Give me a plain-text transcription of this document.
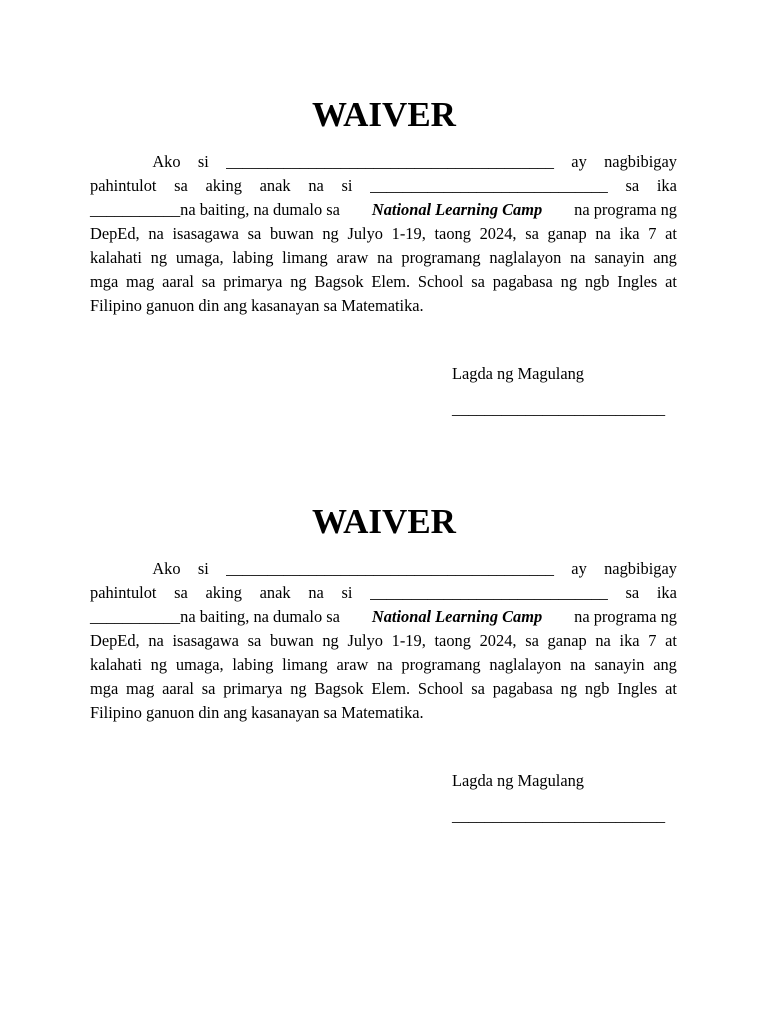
WAIVER
Ako si ________________________________________ ay nagbibigay
pahintulot sa aking anak na si _____________________________ sa ika
___________na baiting, na dumalo sa National Learning Camp na programa ng
DepEd, na isasagawa sa buwan ng Julyo 1-19, taong 2024, sa ganap na ika 7 at
kalahati ng umaga, labing limang araw na programang naglalayon na sanayin ang
mga mag aaral sa primarya ng Bagsok Elem. School sa pagabasa ng ngb Ingles at
Filipino ganuon din ang kasanayan sa Matematika.
Lagda ng Magulang
__________________________
WAIVER
Ako si ________________________________________ ay nagbibigay
pahintulot sa aking anak na si _____________________________ sa ika
___________na baiting, na dumalo sa National Learning Camp na programa ng
DepEd, na isasagawa sa buwan ng Julyo 1-19, taong 2024, sa ganap na ika 7 at
kalahati ng umaga, labing limang araw na programang naglalayon na sanayin ang
mga mag aaral sa primarya ng Bagsok Elem. School sa pagabasa ng ngb Ingles at
Filipino ganuon din ang kasanayan sa Matematika.
Lagda ng Magulang
__________________________
